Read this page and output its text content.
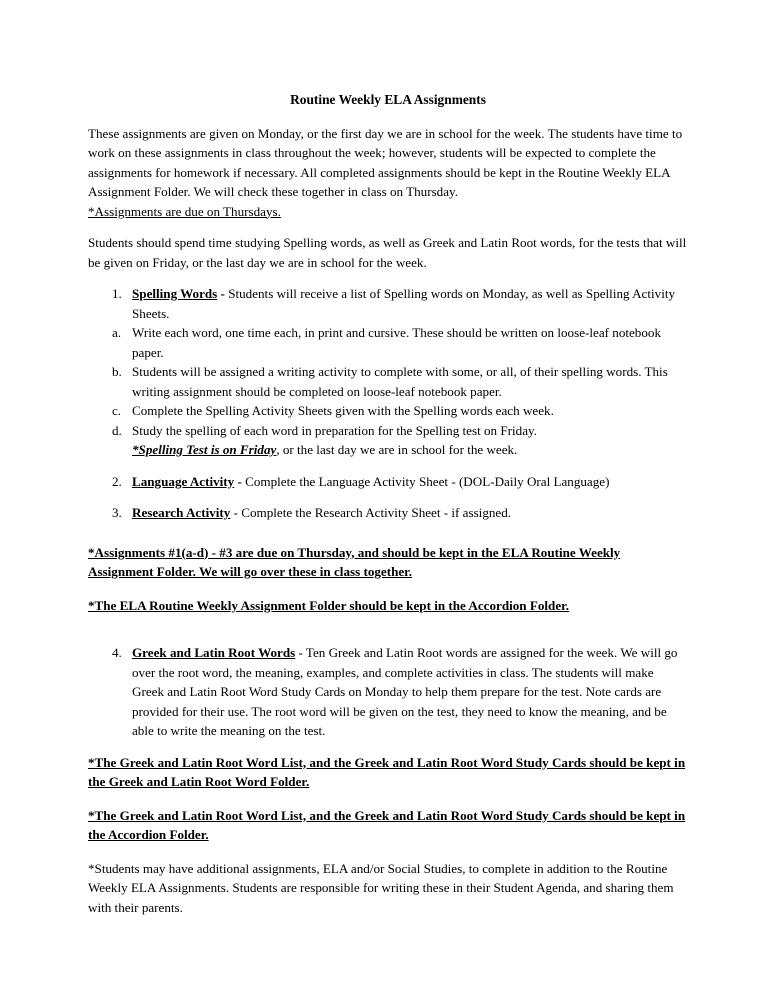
Routine Weekly ELA Assignments

These assignments are given on Monday, or the first day we are in school for the week. The students have time to work on these assignments in class throughout the week; however, students will be expected to complete the assignments for homework if necessary. All completed assignments should be kept in the Routine Weekly ELA Assignment Folder. We will check these together in class on Thursday.

*Assignments are due on Thursdays.

Students should spend time studying Spelling words, as well as Greek and Latin Root words, for the tests that will be given on Friday, or the last day we are in school for the week.

1. Spelling Words - Students will receive a list of Spelling words on Monday, as well as Spelling Activity Sheets.
a. Write each word, one time each, in print and cursive. These should be written on loose-leaf notebook paper.
b. Students will be assigned a writing activity to complete with some, or all, of their spelling words. This writing assignment should be completed on loose-leaf notebook paper.
c. Complete the Spelling Activity Sheets given with the Spelling words each week.
d. Study the spelling of each word in preparation for the Spelling test on Friday.
*Spelling Test is on Friday, or the last day we are in school for the week.
2. Language Activity - Complete the Language Activity Sheet - (DOL-Daily Oral Language)
3. Research Activity - Complete the Research Activity Sheet - if assigned.

*Assignments #1(a-d) - #3 are due on Thursday, and should be kept in the ELA Routine Weekly Assignment Folder. We will go over these in class together.

*The ELA Routine Weekly Assignment Folder should be kept in the Accordion Folder.

4. Greek and Latin Root Words - Ten Greek and Latin Root words are assigned for the week. We will go over the root word, the meaning, examples, and complete activities in class. The students will make Greek and Latin Root Word Study Cards on Monday to help them prepare for the test. Note cards are provided for their use. The root word will be given on the test, they need to know the meaning, and be able to write the meaning on the test.

*The Greek and Latin Root Word List, and the Greek and Latin Root Word Study Cards should be kept in the Greek and Latin Root Word Folder.

*The Greek and Latin Root Word List, and the Greek and Latin Root Word Study Cards should be kept in the Accordion Folder.

*Students may have additional assignments, ELA and/or Social Studies, to complete in addition to the Routine Weekly ELA Assignments. Students are responsible for writing these in their Student Agenda, and sharing them with their parents.
